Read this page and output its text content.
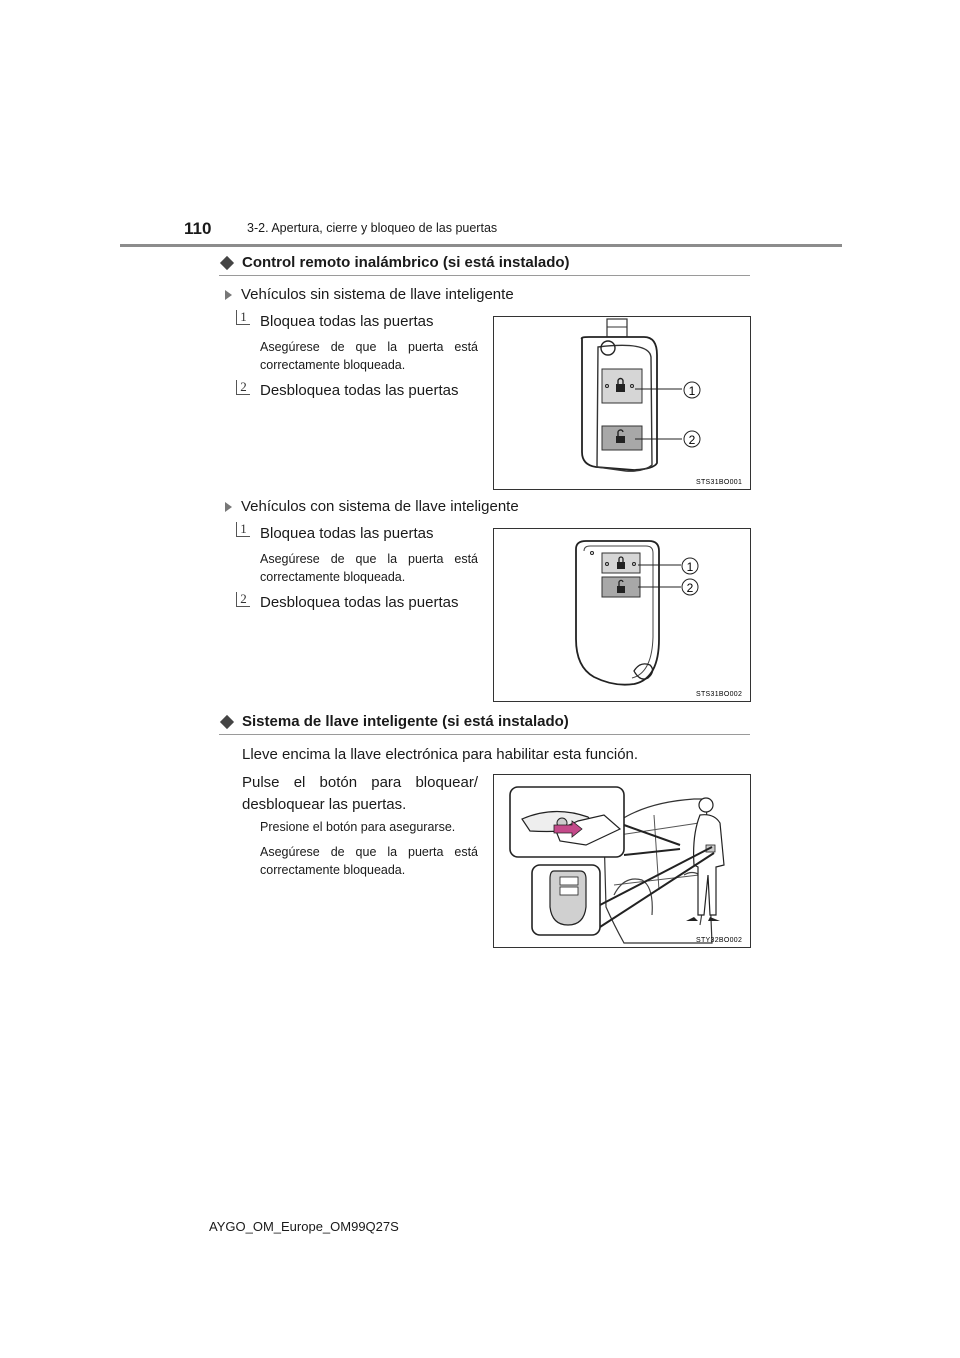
110	3-2. Apertura, cierre y bloqueo de las puertas
Control remoto inalámbrico (si está instalado)
Vehículos sin sistema de llave inteligente
1 Bloquea todas las puertas
Asegúrese de que la puerta está correctamente bloqueada.
2 Desbloquea todas las puertas	1
2
STS31BO001
Vehículos con sistema de llave inteligente
1 Bloquea todas las puertas
Asegúrese de que la puerta está correctamente bloqueada.
2 Desbloquea todas las puertas
1
2
STS31BO002
Sistema de llave inteligente (si está instalado)
Lleve encima la llave electrónica para habilitar esta función.
Pulse el botón para bloquear/ desbloquear las puertas.
Presione el botón para asegurarse.
Asegúrese de que la puerta está correctamente bloqueada.
STY32BO002
AYGO_OM_Europe_OM99Q27S
